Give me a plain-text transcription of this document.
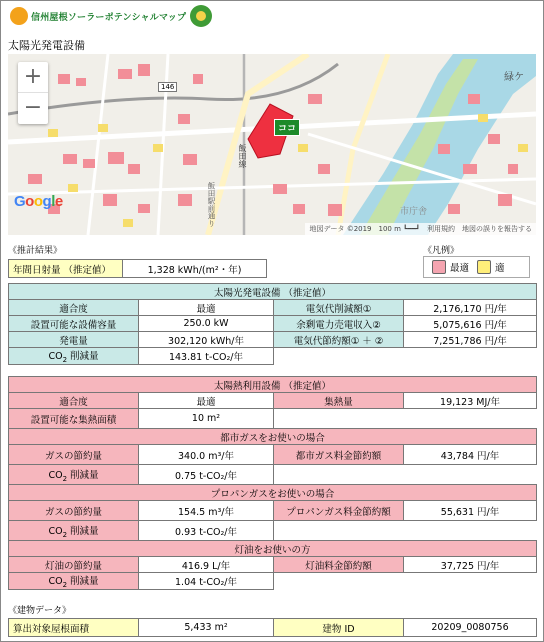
信州屋根ソーラーポテンシャルマップ
太陽光発電設備
+
−
146
ココ
飯田線
飯田駅前通り
緑ケ
市庁舎
Google
地図データ ©2019　100 m ┗━━┛　利用規約　地図の誤りを報告する
《推計結果》	《凡例》
最適	適
年間日射量 （推定値）	1,328 kWh/(m²・年)
太陽光発電設備 （推定値）			
適合度	最適	電気代削減額①	2,176,170 円/年
設置可能な設備容量	250.0 kW	余剰電力売電収入②	5,075,616 円/年
発電量	302,120 kWh/年	電気代節約額① ＋ ②	7,251,786 円/年
$CO_2$ 削減量	143.81 t-CO₂/年		
太陽熱利用設備 （推定値）			
適合度	最適	集熱量	19,123 MJ/年
設置可能な集熱面積	10 m²		
都市ガスをお使いの場合			
ガスの節約量	340.0 m³/年	都市ガス料金節約額	43,784 円/年
$CO_2$ 削減量	0.75 t-CO₂/年		
プロパンガスをお使いの場合			
ガスの節約量	154.5 m³/年	プロパンガス料金節約額	55,631 円/年
$CO_2$ 削減量	0.93 t-CO₂/年		
灯油をお使いの方			
灯油の節約量	416.9 L/年	灯油料金節約額	37,725 円/年
$CO_2$ 削減量	1.04 t-CO₂/年		
《建物データ》
算出対象屋根面積	5,433 m²	建物 ID	20209_0080756
